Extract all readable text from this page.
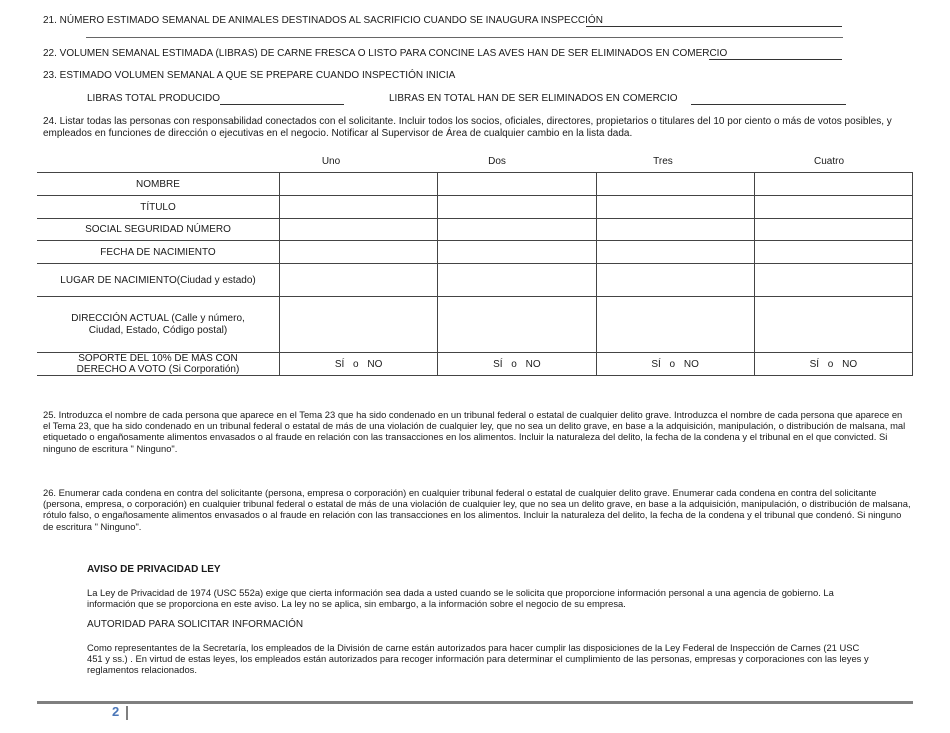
21. NÚMERO ESTIMADO SEMANAL DE ANIMALES DESTINADOS AL SACRIFICIO CUANDO SE INAUGURA INSPECCIÓN
22. VOLUMEN SEMANAL ESTIMADA (LIBRAS) DE CARNE FRESCA O LISTO PARA CONCINE LAS AVES HAN DE SER ELIMINADOS EN COMERCIO
23. ESTIMADO VOLUMEN SEMANAL A QUE SE PREPARE CUANDO INSPECTIÓN INICIA
LIBRAS TOTAL PRODUCIDO	LIBRAS EN TOTAL HAN DE SER ELIMINADOS EN COMERCIO
24. Listar todas las personas con responsabilidad conectados con el solicitante. Incluir todos los socios, oficiales, directores, propietarios o titulares del 10 por ciento o más de votos posibles, y empleados en funciones de dirección o ejecutivas en el negocio. Notificar al Supervisor de Área de cualquier cambio en la lista dada.
Uno	Dos	Tres	Cuatro
NOMBRE				
TÍTULO				
SOCIAL SEGURIDAD NÚMERO				
FECHA DE NACIMIENTO				
LUGAR DE NACIMIENTO(Ciudad y estado)				
DIRECCIÓN ACTUAL (Calle y número, Ciudad, Estado, Código postal)				
SOPORTE DEL 10% DE MÁS CON DERECHO A VOTO (Si Corporatión)	SÍ o NO	SÍ o NO	SÍ o NO	SÍ o NO
25. Introduzca el nombre de cada persona que aparece en el Tema 23 que ha sido condenado en un tribunal federal o estatal de cualquier delito grave. Introduzca el nombre de cada persona que aparece en el Tema 23, que ha sido condenado en un tribunal federal o estatal de más de una violación de cualquier ley, que no sea un delito grave, en base a la adquisición, manipulación, o distribución de malsana, mal etiquetado o engañosamente alimentos envasados o al fraude en relación con las transacciones en los alimentos. Incluir la naturaleza del delito, la fecha de la condena y el tribunal en el que convicted. Si ninguno de escritura " Ninguno".
26. Enumerar cada condena en contra del solicitante (persona, empresa o corporación) en cualquier tribunal federal o estatal de cualquier delito grave. Enumerar cada condena en contra del solicitante (persona, empresa, o corporación) en cualquier tribunal federal o estatal de más de una violación de cualquier ley, que no sea un delito grave, en base a la adquisición, manipulación, o distribución de malsana, rótulo falso, o engañosamente alimentos envasados o al fraude en relación con las transacciones en los alimentos. Incluir la naturaleza del delito, la fecha de la condena y el tribunal que condenó. Si ninguno de escritura " Ninguno".
AVISO DE PRIVACIDAD LEY
La Ley de Privacidad de 1974 (USC 552a) exige que cierta información sea dada a usted cuando se le solicita que proporcione información personal a una agencia de gobierno. La información que se proporciona en este aviso. La ley no se aplica, sin embargo, a la información sobre el negocio de su empresa.
AUTORIDAD PARA SOLICITAR INFORMACIÓN
Como representantes de la Secretaría, los empleados de la División de carne están autorizados para hacer cumplir las disposiciones de la Ley Federal de Inspección de Carnes (21 USC 451 y ss.) . En virtud de estas leyes, los empleados están autorizados para recoger información para determinar el cumplimiento de las personas, empresas y corporaciones con las leyes y reglamentos relacionados.
2
